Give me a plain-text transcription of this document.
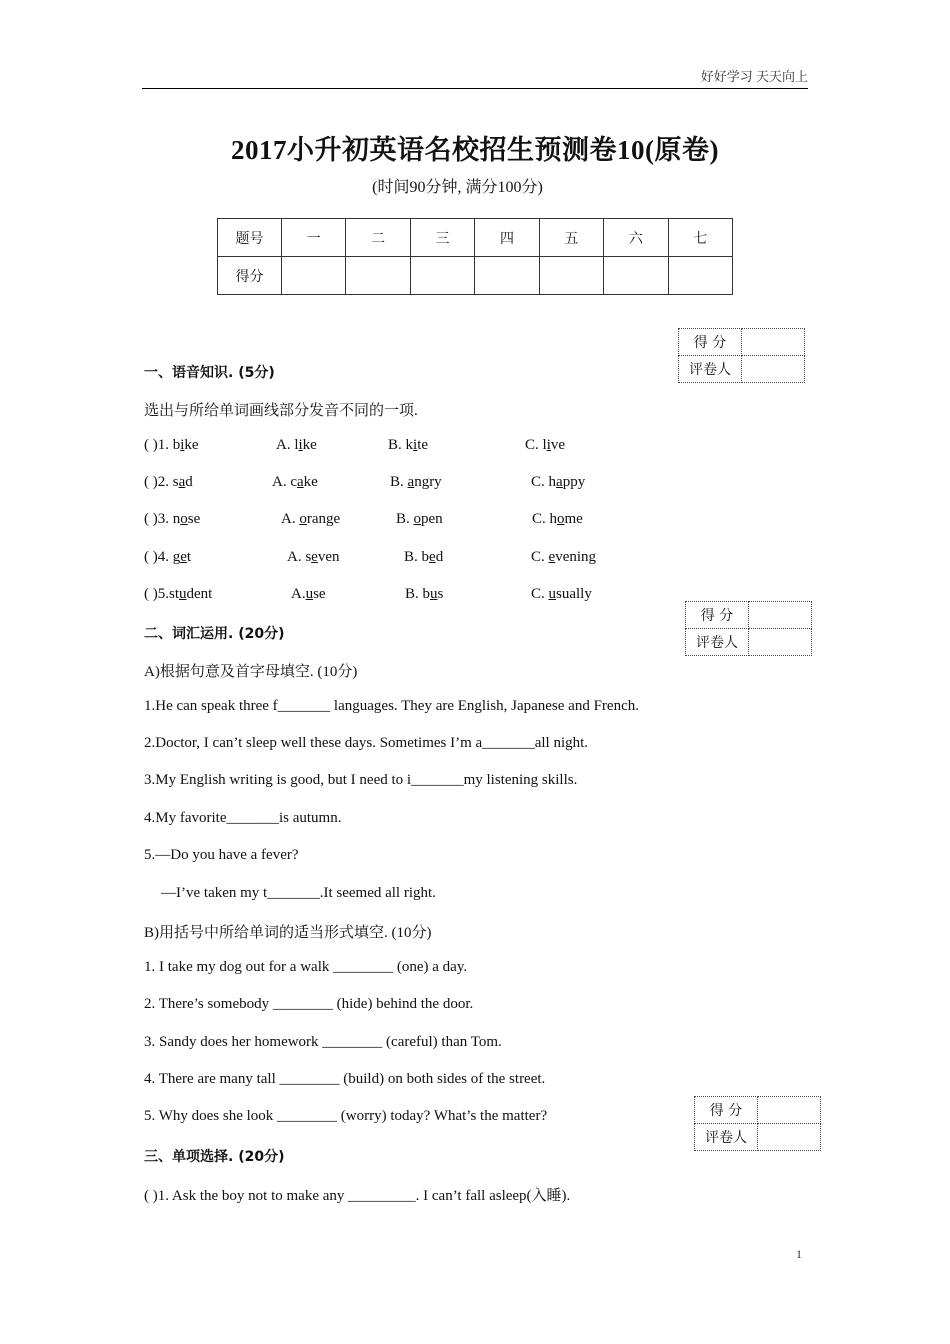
好好学习 天天向上
2017小升初英语名校招生预测卷10(原卷)
(时间90分钟, 满分100分)
题号	一	二	三	四	五	六	七
得分							
得 分	
评卷人	
一、语音知识. (5分)
选出与所给单词画线部分发音不同的一项.
( )1. bike	A. like	B. kite	C. live
( )2. sad	A. cake	B. angry	C. happy
( )3. nose	A. orange	B. open	C. home
( )4. get	A. seven	B. bed	C. evening
( )5.student	A.use	B. bus	C. usually
得 分	
评卷人	
二、词汇运用. (20分)
A)根据句意及首字母填空. (10分)
1.He can speak three f_______ languages. They are English, Japanese and French.
2.Doctor, I can’t sleep well these days. Sometimes I’m a_______all night.
3.My English writing is good, but I need to i_______my listening skills.
4.My favorite_______is autumn.
5.—Do you have a fever?
—I’ve taken my t_______.It seemed all right.
B)用括号中所给单词的适当形式填空. (10分)
1. I take my dog out for a walk ________ (one) a day.
2. There’s somebody ________ (hide) behind the door.
3. Sandy does her homework ________ (careful) than Tom.
4. There are many tall ________ (build) on both sides of the street.
5. Why does she look ________ (worry) today? What’s the matter?	得 分	
评卷人	
三、单项选择. (20分)
( )1. Ask the boy not to make any _________. I can’t fall asleep(入睡).
1
